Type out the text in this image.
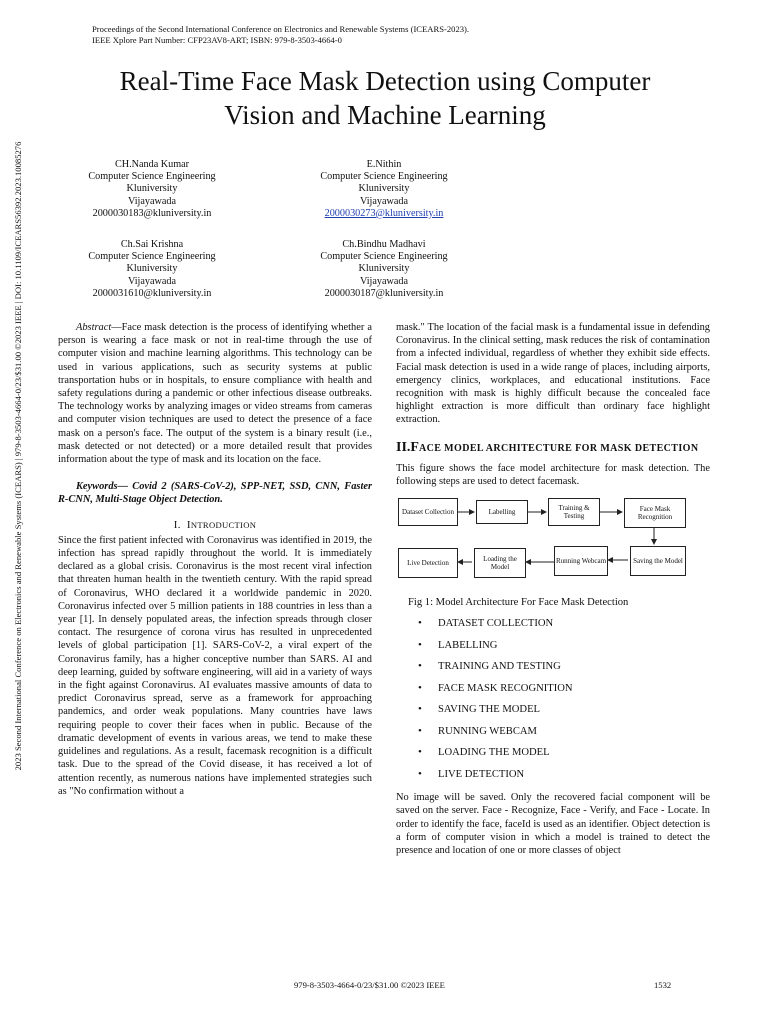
Proceedings of the Second International Conference on Electronics and Renewable Systems (ICEARS-2023).
IEEE Xplore Part Number: CFP23AV8-ART; ISBN: 979-8-3503-4664-0
Real-Time Face Mask Detection using Computer
Vision and Machine Learning
2023 Second International Conference on Electronics and Renewable Systems (ICEARS) | 979-8-3503-4664-0/23/$31.00 ©2023 IEEE | DOI: 10.1109/ICEARS56392.2023.10085276	CH.Nanda Kumar
Computer Science Engineering
Kluniversity
Vijayawada
2000030183@kluniversity.in
E.Nithin
Computer Science Engineering
Kluniversity
Vijayawada
2000030273@kluniversity.in
Ch.Sai Krishna
Computer Science Engineering
Kluniversity
Vijayawada
2000031610@kluniversity.in
Ch.Bindhu Madhavi
Computer Science Engineering
Kluniversity
Vijayawada
2000030187@kluniversity.in

Abstract—Face mask detection is the process of identifying whether a person is wearing a face mask or not in real-time through the use of computer vision and machine learning algorithms. This technology can be used in various applications, such as security systems at public transportation hubs or in hospitals, to ensure compliance with health and safety regulations during a pandemic or other infectious disease outbreaks. The technology works by analyzing images or video streams from cameras and computer vision techniques are used to detect the presence of a face mask on a person's face. The output of the system is a binary result (i.e., mask detected or not detected) or a more detailed result that provides information about the type of mask and its location on the face.

Keywords— Covid 2 (SARS-CoV-2), SPP-NET, SSD, CNN, Faster R-CNN, Multi-Stage Object Detection.

I. INTRODUCTION

Since the first patient infected with Coronavirus was identified in 2019, the infection has spread rapidly throughout the world. It is immediately declared as a global crisis. Coronavirus is the most recent viral infection that threaten human health in the twentieth century. With the rapid spread of Coronavirus, WHO declared it a worldwide pandemic in 2020. Coronavirus infected over 5 million patients in 188 countries in less than a year [1]. In densely populated areas, the infection spreads through closer contact. The resurgence of corona virus has resulted in unprecedented levels of global participation [1]. SARS-CoV-2, a viral expert of the Coronavirus family, has a higher conceptive number than SARS. AI and deep learning, guided by software engineering, will aid in a variety of ways in the fight against Coronavirus. AI evaluates massive amounts of data to predict Coronavirus spread, serve as a framework for approaching pandemics, and order weak populations. Many countries have laws requiring people to cover their faces when in public. Because of the dramatic development of events in various areas, we tend to make these guidelines and regulations. As a result, facemask recognition is a difficult task. Due to the spread of the Covid disease, it has received a lot of attention recently, as numerous nations have implemented strategies such as "No confirmation without a

mask." The location of the facial mask is a fundamental issue in defending Coronavirus. In the clinical setting, mask reduces the risk of contamination from a infected individual, regardless of whether they exhibit side effects. Facial mask detection is used in a wide range of places, including airports, emergency clinics, workplaces, and educational institutions. Face recognition with mask is highly difficult because the concealed face highlight extraction is more difficult than ordinary face highlight extraction.

II.FACE MODEL ARCHITECTURE FOR MASK DETECTION

This figure shows the face model architecture for mask detection. The following steps are used to detect facemask.

Dataset Collection	Labelling	Training & Testing
Face Mask Recognition
Live Detection	Loading the Model
Running Webcam	Saving the Model

Fig 1: Model Architecture For Face Mask Detection

• DATASET COLLECTION
• LABELLING
• TRAINING AND TESTING
• FACE MASK RECOGNITION
• SAVING THE MODEL
• RUNNING WEBCAM
• LOADING THE MODEL
• LIVE DETECTION

No image will be saved. Only the recovered facial component will be saved on the server. Face - Recognize, Face - Verify, and Face - Locate. In order to identify the face, faceId is used as an identifier. Object detection is a form of computer vision in which a model is trained to detect the presence and location of one or more classes of object

979-8-3503-4664-0/23/$31.00 ©2023 IEEE	1532
